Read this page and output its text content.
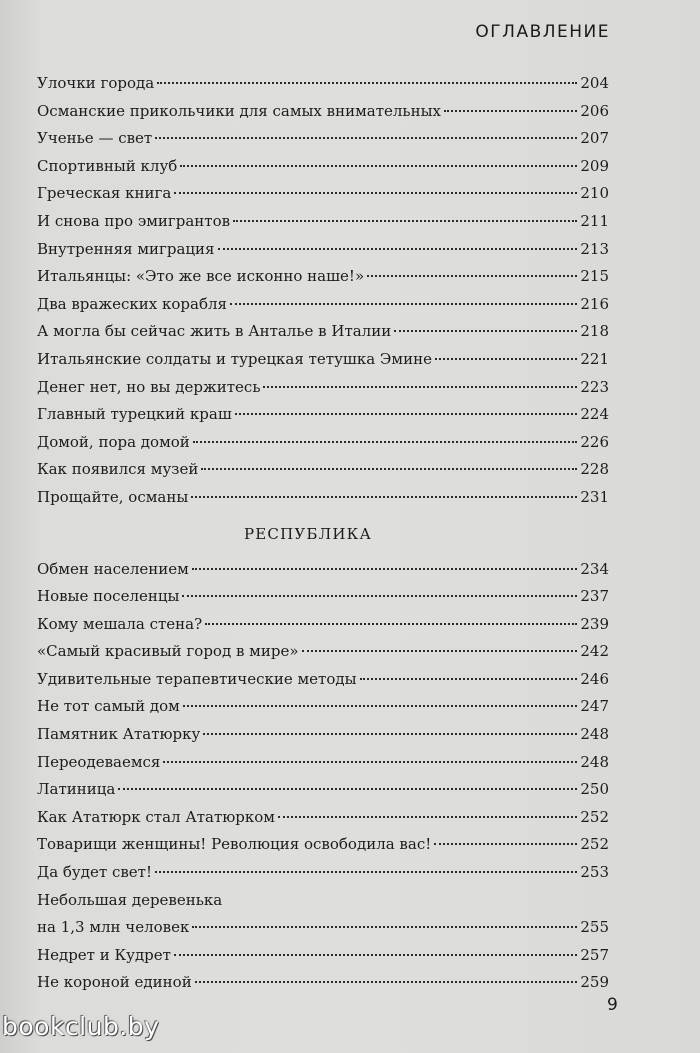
ОГЛАВЛЕНИЕ
Улочки города	204
Османские прикольчики для самых внимательных	206
Ученье — свет	207
Спортивный клуб	209
Греческая книга	210
И снова про эмигрантов	211
Внутренняя миграция	213
Итальянцы: «Это же все исконно наше!»	215
Два вражеских корабля	216
А могла бы сейчас жить в Анталье в Италии	218
Итальянские солдаты и турецкая тетушка Эмине	221
Денег нет, но вы держитесь	223
Главный турецкий краш	224
Домой, пора домой	226
Как появился музей	228
Прощайте, османы	231
РЕСПУБЛИКА
Обмен населением	234
Новые поселенцы	237
Кому мешала стена?	239
«Самый красивый город в мире»	242
Удивительные терапевтические методы	246
Не тот самый дом	247
Памятник Ататюрку	248
Переодеваемся	248
Латиница	250
Как Ататюрк стал Ататюрком	252
Товарищи женщины! Революция освободила вас!	252
Да будет свет!	253
Небольшая деревенька
на 1,3 млн человек	255
Недрет и Кудрет	257
Не короной единой	259
9
bookclub.by
